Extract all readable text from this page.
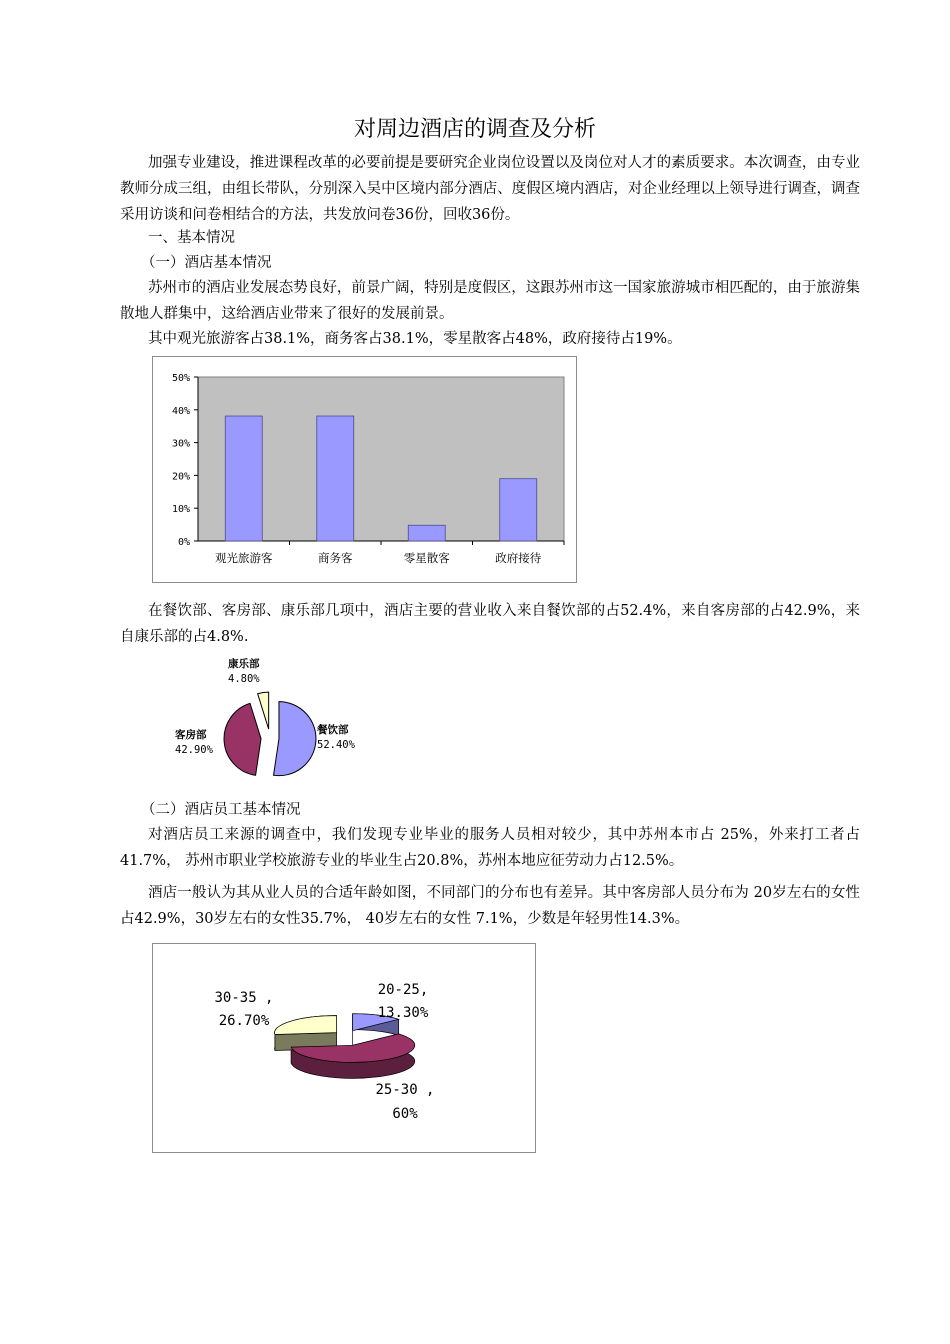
对周边酒店的调查及分析
加强专业建设，推进课程改革的必要前提是要研究企业岗位设置以及岗位对人才的素质要求。本次调查，由专业教师分成三组，由组长带队，分别深入吴中区境内部分酒店、度假区境内酒店，对企业经理以上领导进行调查，调查采用访谈和问卷相结合的方法，共发放问卷36份，回收36份。
一、基本情况
（一）酒店基本情况
苏州市的酒店业发展态势良好，前景广阔，特别是度假区，这跟苏州市这一国家旅游城市相匹配的，由于旅游集散地人群集中，这给酒店业带来了很好的发展前景。
其中观光旅游客占38.1%，商务客占38.1%，零星散客占48%，政府接待占19%。
0%
10%
20%
30%
40%
50%
观光旅游客	商务客	零星散客	政府接待
在餐饮部、客房部、康乐部几项中，酒店主要的营业收入来自餐饮部的占52.4%，来自客房部的占42.9%，来自康乐部的占4.8%.
餐饮部
52.40%
客房部
42.90%
康乐部
4.80%
（二）酒店员工基本情况
对酒店员工来源的调查中，我们发现专业毕业的服务人员相对较少，其中苏州本市占 25%，外来打工者占41.7%， 苏州市职业学校旅游专业的毕业生占20.8%，苏州本地应征劳动力占12.5%。
酒店一般认为其从业人员的合适年龄如图，不同部门的分布也有差异。其中客房部人员分布为 20岁左右的女性占42.9%，30岁左右的女性35.7%， 40岁左右的女性 7.1%，少数是年轻男性14.3%。
20-25,
13.30%
25-30 ,
60%
30-35 ,
26.70%
